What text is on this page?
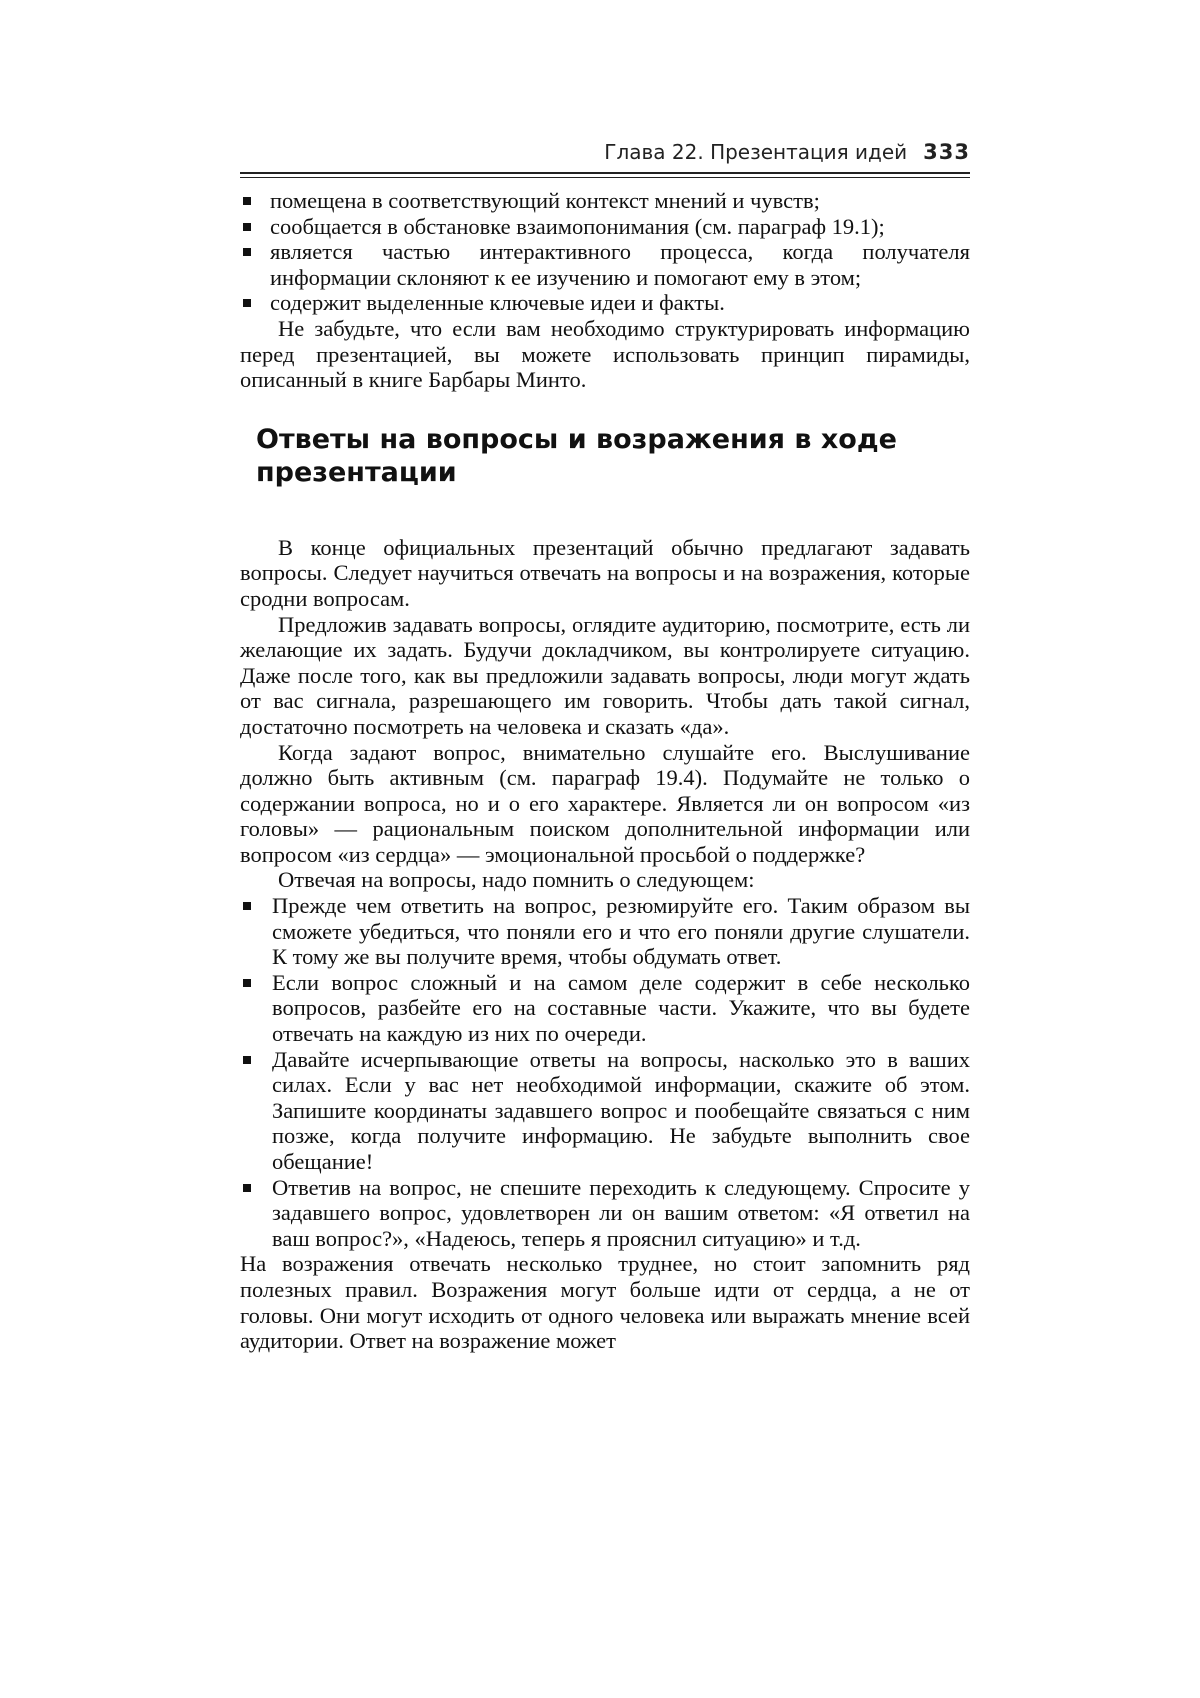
Глава 22. Презентация идей 333
помещена в соответствующий контекст мнений и чувств;
сообщается в обстановке взаимопонимания (см. параграф 19.1);
является частью интерактивного процесса, когда получателя информации склоняют к ее изучению и помогают ему в этом;
содержит выделенные ключевые идеи и факты.

Не забудьте, что если вам необходимо структурировать информацию перед презентацией, вы можете использовать принцип пирамиды, описанный в книге Барбары Минто.

Ответы на вопросы и возражения в ходе презентации

В конце официальных презентаций обычно предлагают задавать вопросы. Следует научиться отвечать на вопросы и на возражения, которые сродни вопросам.

Предложив задавать вопросы, оглядите аудиторию, посмотрите, есть ли желающие их задать. Будучи докладчиком, вы контролируете ситуацию. Даже после того, как вы предложили задавать вопросы, люди могут ждать от вас сигнала, разрешающего им говорить. Чтобы дать такой сигнал, достаточно посмотреть на человека и сказать «да».

Когда задают вопрос, внимательно слушайте его. Выслушивание должно быть активным (см. параграф 19.4). Подумайте не только о содержании вопроса, но и о его характере. Является ли он вопросом «из головы» — рациональным поиском дополнительной информации или вопросом «из сердца» — эмоциональной просьбой о поддержке?

Отвечая на вопросы, надо помнить о следующем:

Прежде чем ответить на вопрос, резюмируйте его. Таким образом вы сможете убедиться, что поняли его и что его поняли другие слушатели. К тому же вы получите время, чтобы обдумать ответ.
Если вопрос сложный и на самом деле содержит в себе несколько вопросов, разбейте его на составные части. Укажите, что вы будете отвечать на каждую из них по очереди.
Давайте исчерпывающие ответы на вопросы, насколько это в ваших силах. Если у вас нет необходимой информации, скажите об этом. Запишите координаты задавшего вопрос и пообещайте связаться с ним позже, когда получите информацию. Не забудьте выполнить свое обещание!
Ответив на вопрос, не спешите переходить к следующему. Спросите у задавшего вопрос, удовлетворен ли он вашим ответом: «Я ответил на ваш вопрос?», «Надеюсь, теперь я прояснил ситуацию» и т.д.

На возражения отвечать несколько труднее, но стоит запомнить ряд полезных правил. Возражения могут больше идти от сердца, а не от головы. Они могут исходить от одного человека или выражать мнение всей аудитории. Ответ на возражение может
